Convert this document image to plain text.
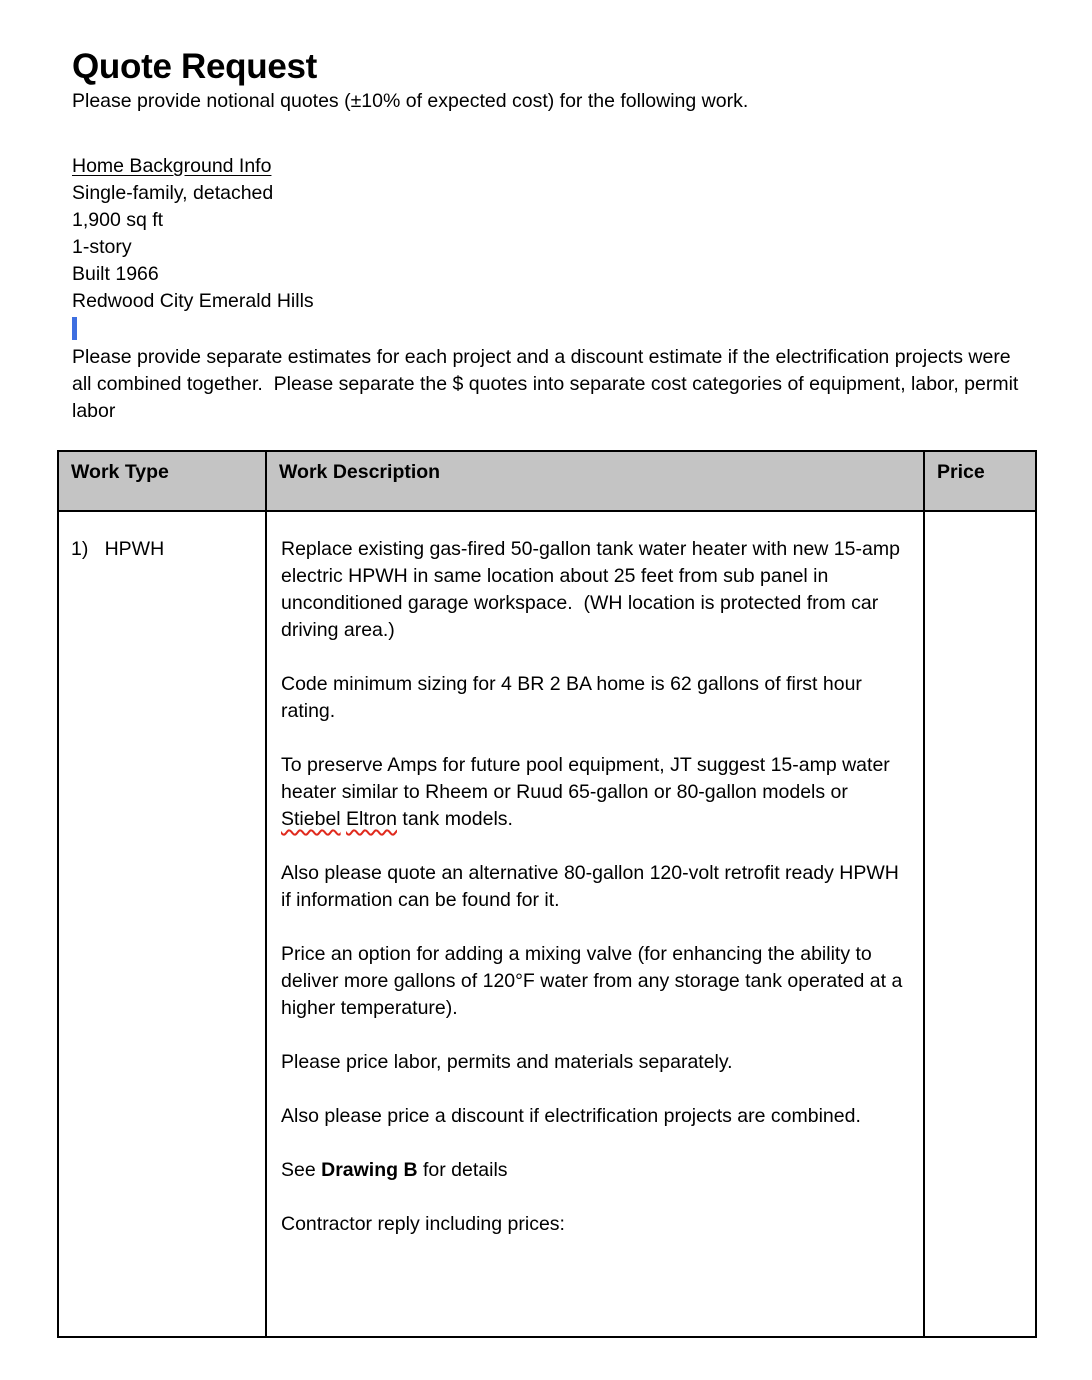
Quote Request

Please provide notional quotes (±10% of expected cost) for the following work.

Home Background Info
Single-family, detached
1,900 sq ft
1-story
Built 1966
Redwood City Emerald Hills

Please provide separate estimates for each project and a discount estimate if the electrification projects were all combined together.  Please separate the $ quotes into separate cost categories of equipment, labor, permit labor

Work Type	Work Description	Price
1)   HPWH	Replace existing gas-fired 50-gallon tank water heater with new 15-amp electric HPWH in same location about 25 feet from sub panel in unconditioned garage workspace.  (WH location is protected from car driving area.)

Code minimum sizing for 4 BR 2 BA home is 62 gallons of first hour rating.

To preserve Amps for future pool equipment, JT suggest 15-amp water heater similar to Rheem or Ruud 65-gallon or 80-gallon models or Stiebel Eltron tank models.

Also please quote an alternative 80-gallon 120-volt retrofit ready HPWH if information can be found for it.

Price an option for adding a mixing valve (for enhancing the ability to deliver more gallons of 120°F water from any storage tank operated at a higher temperature).

Please price labor, permits and materials separately.

Also please price a discount if electrification projects are combined.

See Drawing B for details

Contractor reply including prices:
